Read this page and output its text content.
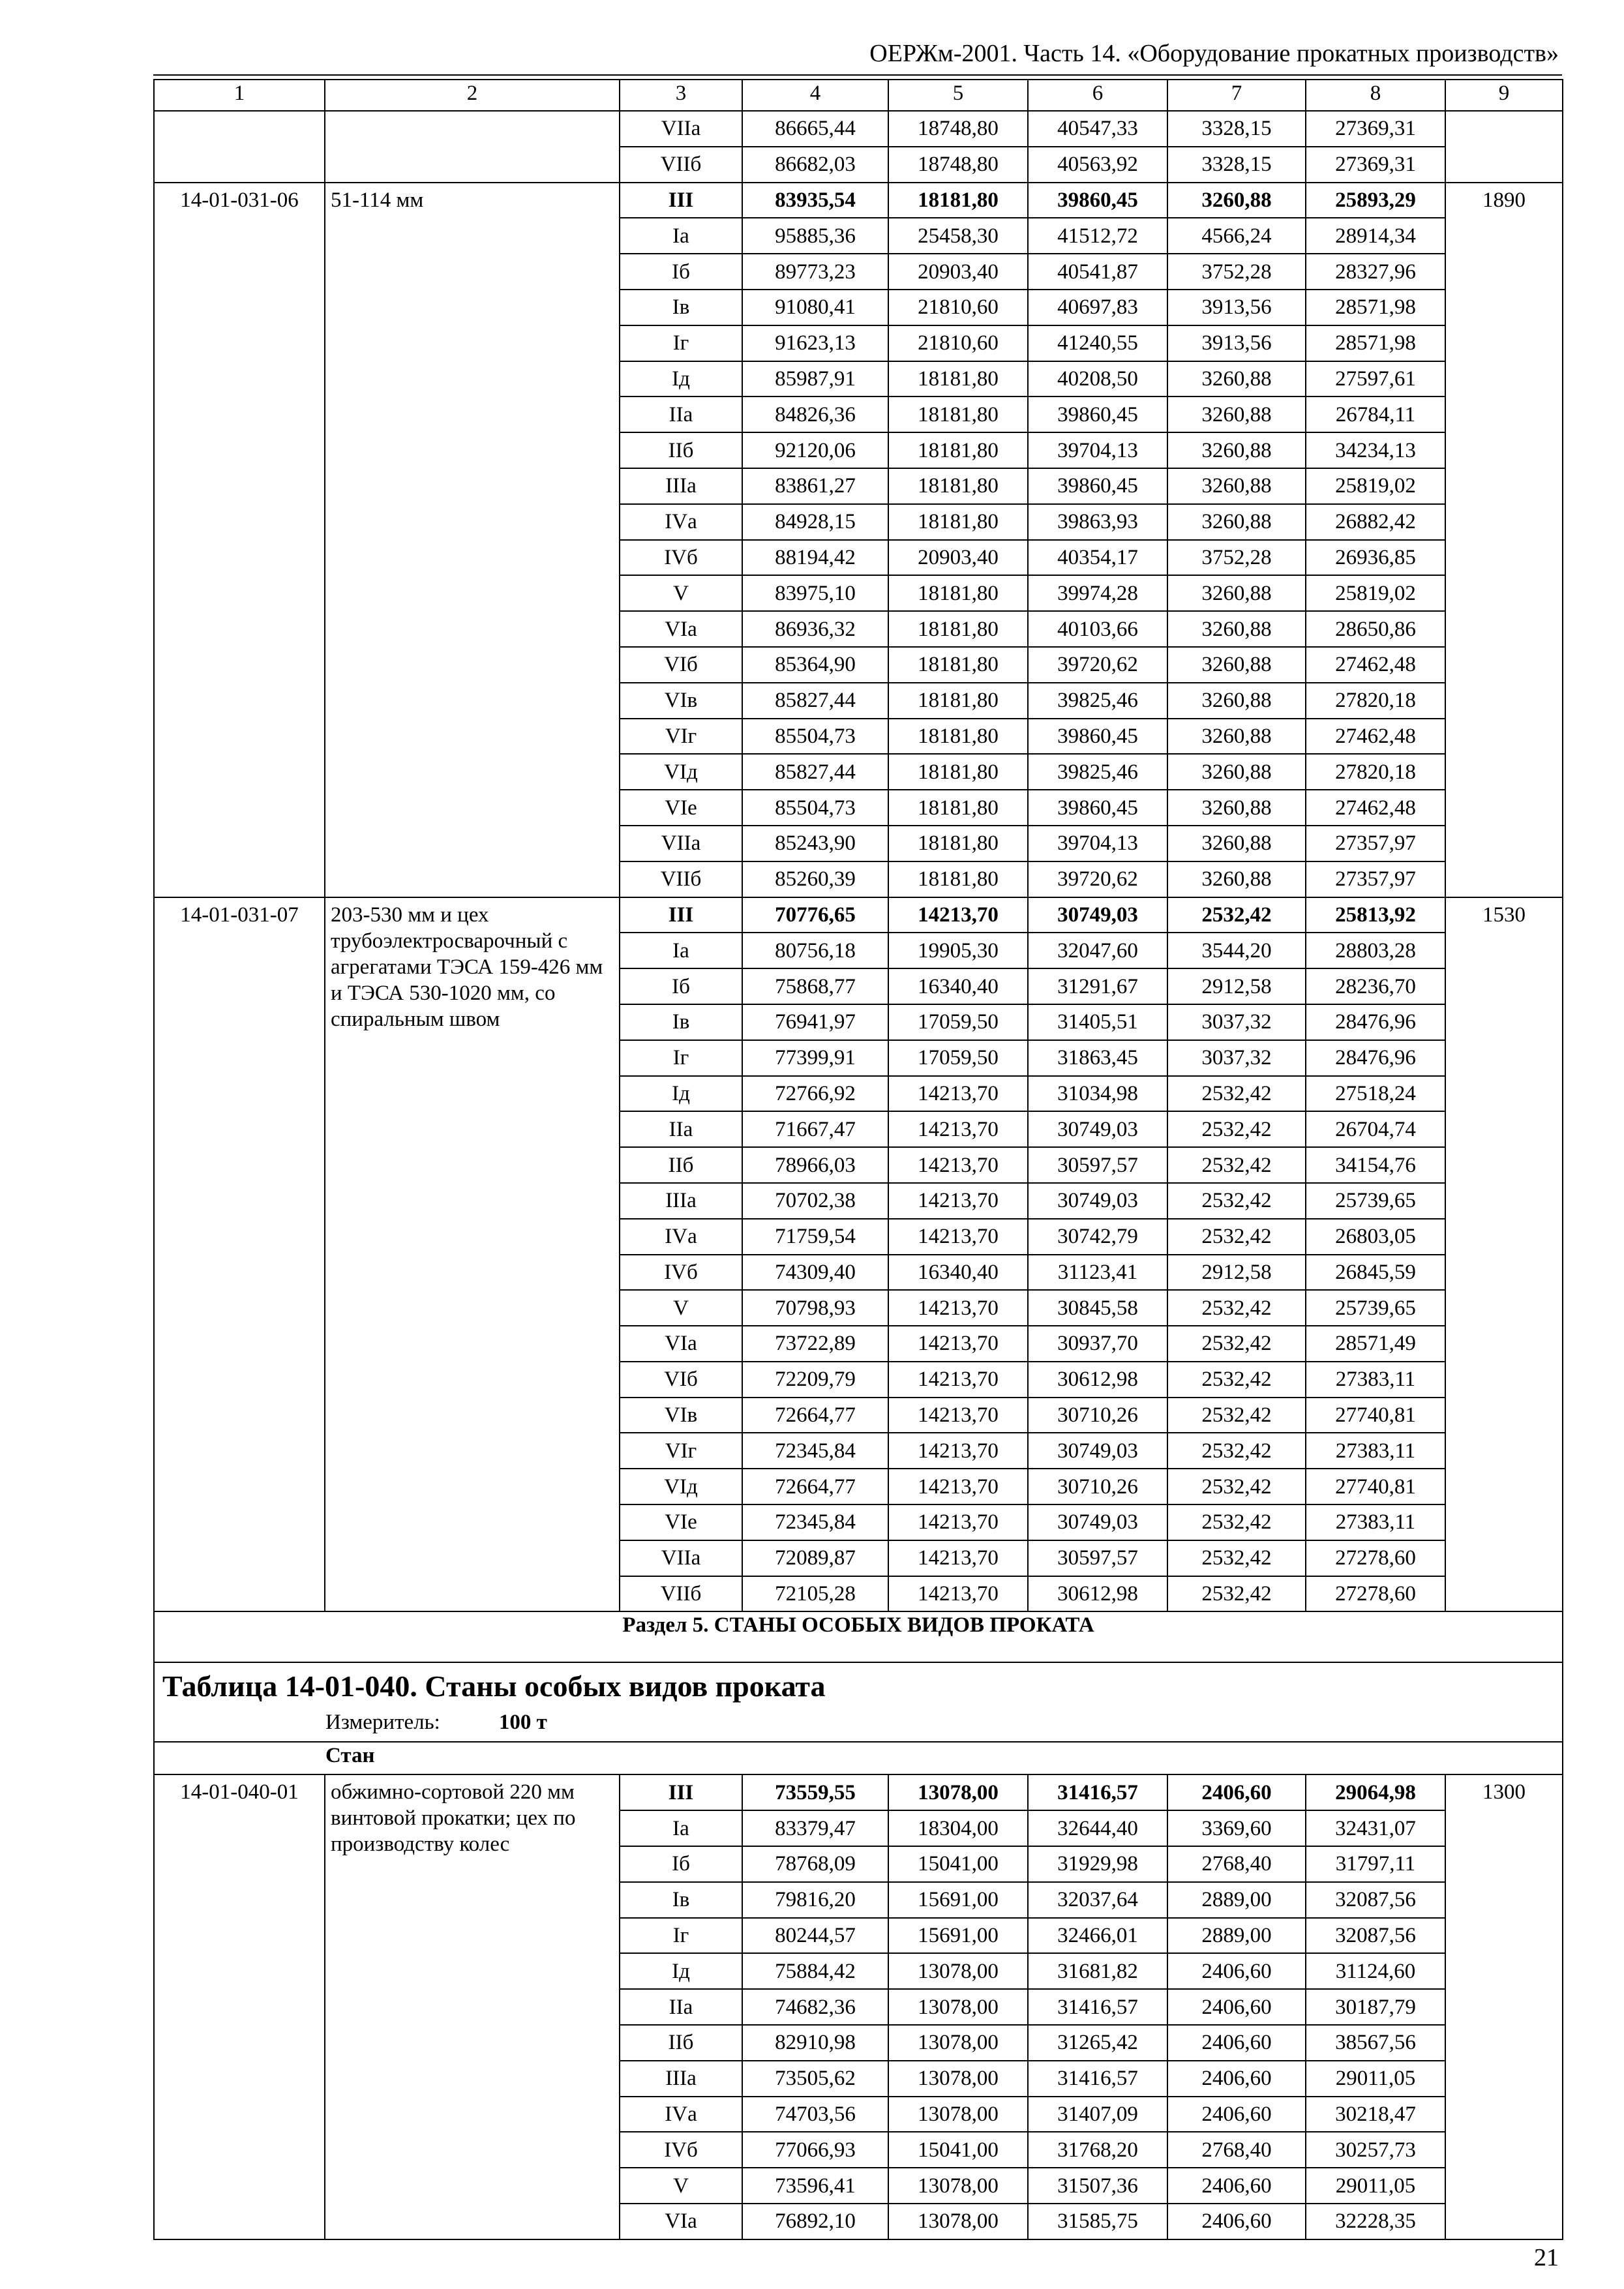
ОЕРЖм-2001. Часть 14. «Оборудование прокатных производств»
1	2	3	4	5	6	7	8	9
		VIIа	86665,44	18748,80	40547,33	3328,15	27369,31	
		VIIб	86682,03	18748,80	40563,92	3328,15	27369,31	
14-01-031-06	51-114 мм	III	83935,54	18181,80	39860,45	3260,88	25893,29	1890
		Iа	95885,36	25458,30	41512,72	4566,24	28914,34	
		Iб	89773,23	20903,40	40541,87	3752,28	28327,96	
		Iв	91080,41	21810,60	40697,83	3913,56	28571,98	
		Iг	91623,13	21810,60	41240,55	3913,56	28571,98	
		Iд	85987,91	18181,80	40208,50	3260,88	27597,61	
		IIа	84826,36	18181,80	39860,45	3260,88	26784,11	
		IIб	92120,06	18181,80	39704,13	3260,88	34234,13	
		IIIа	83861,27	18181,80	39860,45	3260,88	25819,02	
		IVа	84928,15	18181,80	39863,93	3260,88	26882,42	
		IVб	88194,42	20903,40	40354,17	3752,28	26936,85	
		V	83975,10	18181,80	39974,28	3260,88	25819,02	
		VIа	86936,32	18181,80	40103,66	3260,88	28650,86	
		VIб	85364,90	18181,80	39720,62	3260,88	27462,48	
		VIв	85827,44	18181,80	39825,46	3260,88	27820,18	
		VIг	85504,73	18181,80	39860,45	3260,88	27462,48	
		VIд	85827,44	18181,80	39825,46	3260,88	27820,18	
		VIе	85504,73	18181,80	39860,45	3260,88	27462,48	
		VIIа	85243,90	18181,80	39704,13	3260,88	27357,97	
		VIIб	85260,39	18181,80	39720,62	3260,88	27357,97	
14-01-031-07	203-530 мм и цех трубоэлектросварочный с агрегатами ТЭСА 159-426 мм и ТЭСА 530-1020 мм, со спиральным швом	III	70776,65	14213,70	30749,03	2532,42	25813,92	1530
		Iа	80756,18	19905,30	32047,60	3544,20	28803,28	
		Iб	75868,77	16340,40	31291,67	2912,58	28236,70	
		Iв	76941,97	17059,50	31405,51	3037,32	28476,96	
		Iг	77399,91	17059,50	31863,45	3037,32	28476,96	
		Iд	72766,92	14213,70	31034,98	2532,42	27518,24	
		IIа	71667,47	14213,70	30749,03	2532,42	26704,74	
		IIб	78966,03	14213,70	30597,57	2532,42	34154,76	
		IIIа	70702,38	14213,70	30749,03	2532,42	25739,65	
		IVа	71759,54	14213,70	30742,79	2532,42	26803,05	
		IVб	74309,40	16340,40	31123,41	2912,58	26845,59	
		V	70798,93	14213,70	30845,58	2532,42	25739,65	
		VIа	73722,89	14213,70	30937,70	2532,42	28571,49	
		VIб	72209,79	14213,70	30612,98	2532,42	27383,11	
		VIв	72664,77	14213,70	30710,26	2532,42	27740,81	
		VIг	72345,84	14213,70	30749,03	2532,42	27383,11	
		VIд	72664,77	14213,70	30710,26	2532,42	27740,81	
		VIе	72345,84	14213,70	30749,03	2532,42	27383,11	
		VIIа	72089,87	14213,70	30597,57	2532,42	27278,60	
		VIIб	72105,28	14213,70	30612,98	2532,42	27278,60	
Раздел 5. СТАНЫ ОСОБЫХ ВИДОВ ПРОКАТА								

Таблица 14-01-040. Станы особых видов проката
Измеритель: 100 т								

Стан								
14-01-040-01	обжимно-сортовой 220 мм винтовой прокатки; цех по производству колес	III	73559,55	13078,00	31416,57	2406,60	29064,98	1300
		Iа	83379,47	18304,00	32644,40	3369,60	32431,07	
		Iб	78768,09	15041,00	31929,98	2768,40	31797,11	
		Iв	79816,20	15691,00	32037,64	2889,00	32087,56	
		Iг	80244,57	15691,00	32466,01	2889,00	32087,56	
		Iд	75884,42	13078,00	31681,82	2406,60	31124,60	
		IIа	74682,36	13078,00	31416,57	2406,60	30187,79	
		IIб	82910,98	13078,00	31265,42	2406,60	38567,56	
		IIIа	73505,62	13078,00	31416,57	2406,60	29011,05	
		IVа	74703,56	13078,00	31407,09	2406,60	30218,47	
		IVб	77066,93	15041,00	31768,20	2768,40	30257,73	
		V	73596,41	13078,00	31507,36	2406,60	29011,05	
		VIа	76892,10	13078,00	31585,75	2406,60	32228,35	
21
